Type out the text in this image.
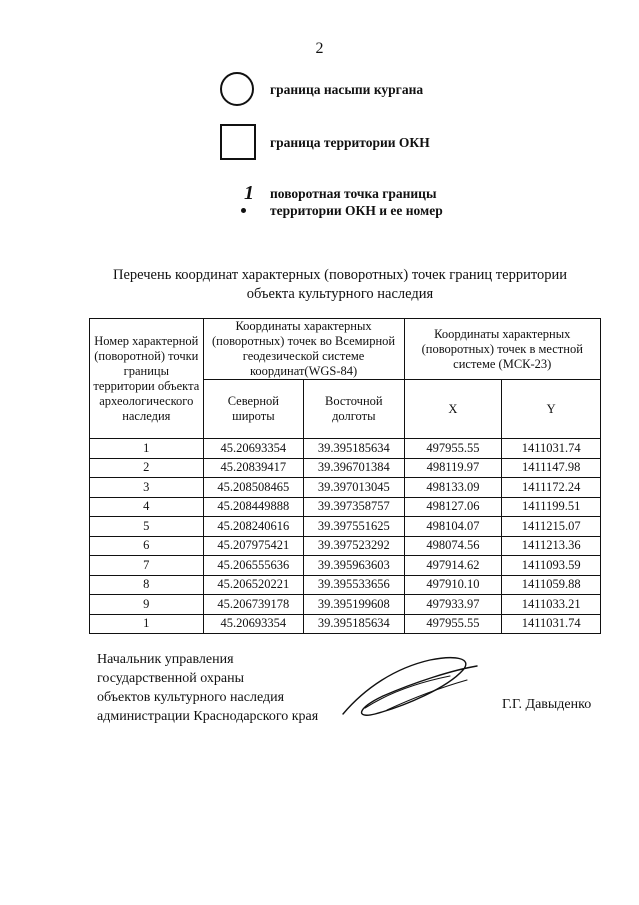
2
граница насыпи кургана
граница территории ОКН
1 поворотная точка границы
территории ОКН и ее номер
Перечень координат характерных (поворотных) точек границ территории
объекта культурного наследия
Номер характерной (поворотной) точки границы территории объекта археологического наследия	Координаты характерных (поворотных) точек во Всемирной геодезической системе координат(WGS-84)		Координаты характерных (поворотных) точек в местной системе (МСК-23)	
	Северной широты	Восточной долготы	X	Y
1	45.20693354	39.395185634	497955.55	1411031.74
2	45.20839417	39.396701384	498119.97	1411147.98
3	45.208508465	39.397013045	498133.09	1411172.24
4	45.208449888	39.397358757	498127.06	1411199.51
5	45.208240616	39.397551625	498104.07	1411215.07
6	45.207975421	39.397523292	498074.56	1411213.36
7	45.206555636	39.395963603	497914.62	1411093.59
8	45.206520221	39.395533656	497910.10	1411059.88
9	45.206739178	39.395199608	497933.97	1411033.21
1	45.20693354	39.395185634	497955.55	1411031.74
Начальник управления
государственной охраны
объектов культурного наследия
администрации Краснодарского края
Г.Г. Давыденко
